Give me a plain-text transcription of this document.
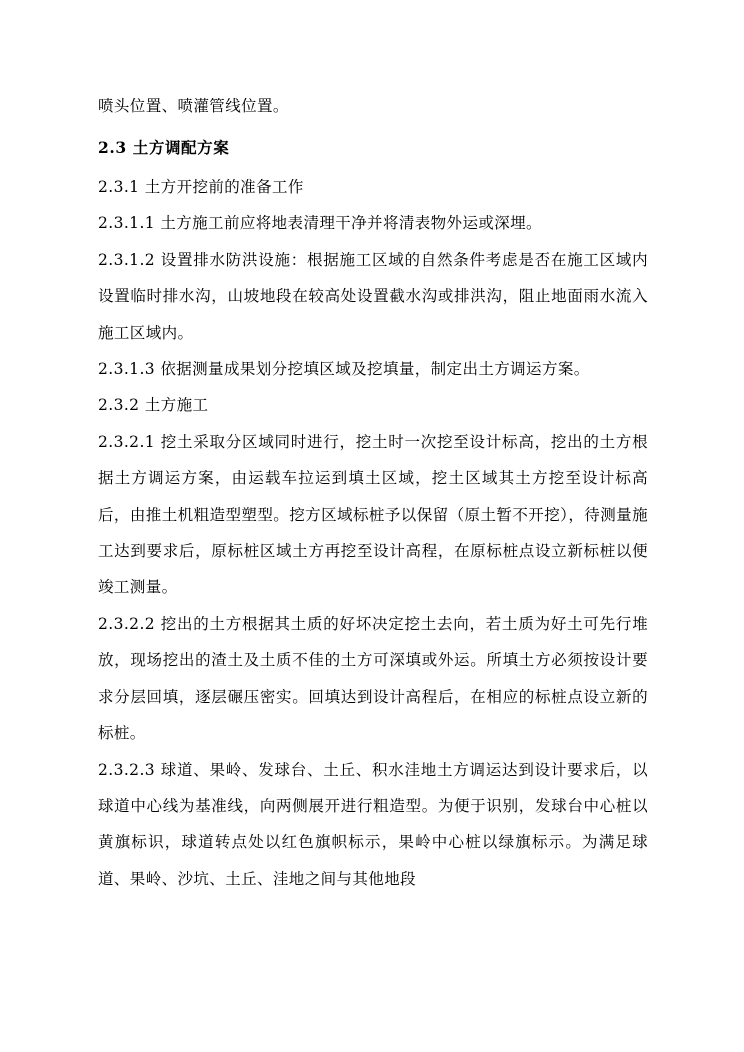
喷头位置、喷灌管线位置。

2.3 土方调配方案

2.3.1 土方开挖前的准备工作

2.3.1.1 土方施工前应将地表清理干净并将清表物外运或深埋。

2.3.1.2 设置排水防洪设施：根据施工区域的自然条件考虑是否在施工区域内设置临时排水沟，山坡地段在较高处设置截水沟或排洪沟，阻止地面雨水流入施工区域内。

2.3.1.3 依据测量成果划分挖填区域及挖填量，制定出土方调运方案。

2.3.2 土方施工

2.3.2.1 挖土采取分区域同时进行，挖土时一次挖至设计标高，挖出的土方根据土方调运方案，由运载车拉运到填土区域，挖土区域其土方挖至设计标高后，由推土机粗造型塑型。挖方区域标桩予以保留（原土暂不开挖），待测量施工达到要求后，原标桩区域土方再挖至设计高程，在原标桩点设立新标桩以便竣工测量。

2.3.2.2 挖出的土方根据其土质的好坏决定挖土去向，若土质为好土可先行堆放，现场挖出的渣土及土质不佳的土方可深填或外运。所填土方必须按设计要求分层回填，逐层碾压密实。回填达到设计高程后，在相应的标桩点设立新的标桩。

2.3.2.3 球道、果岭、发球台、土丘、积水洼地土方调运达到设计要求后，以球道中心线为基准线，向两侧展开进行粗造型。为便于识别，发球台中心桩以黄旗标识，球道转点处以红色旗帜标示，果岭中心桩以绿旗标示。为满足球道、果岭、沙坑、土丘、洼地之间与其他地段
